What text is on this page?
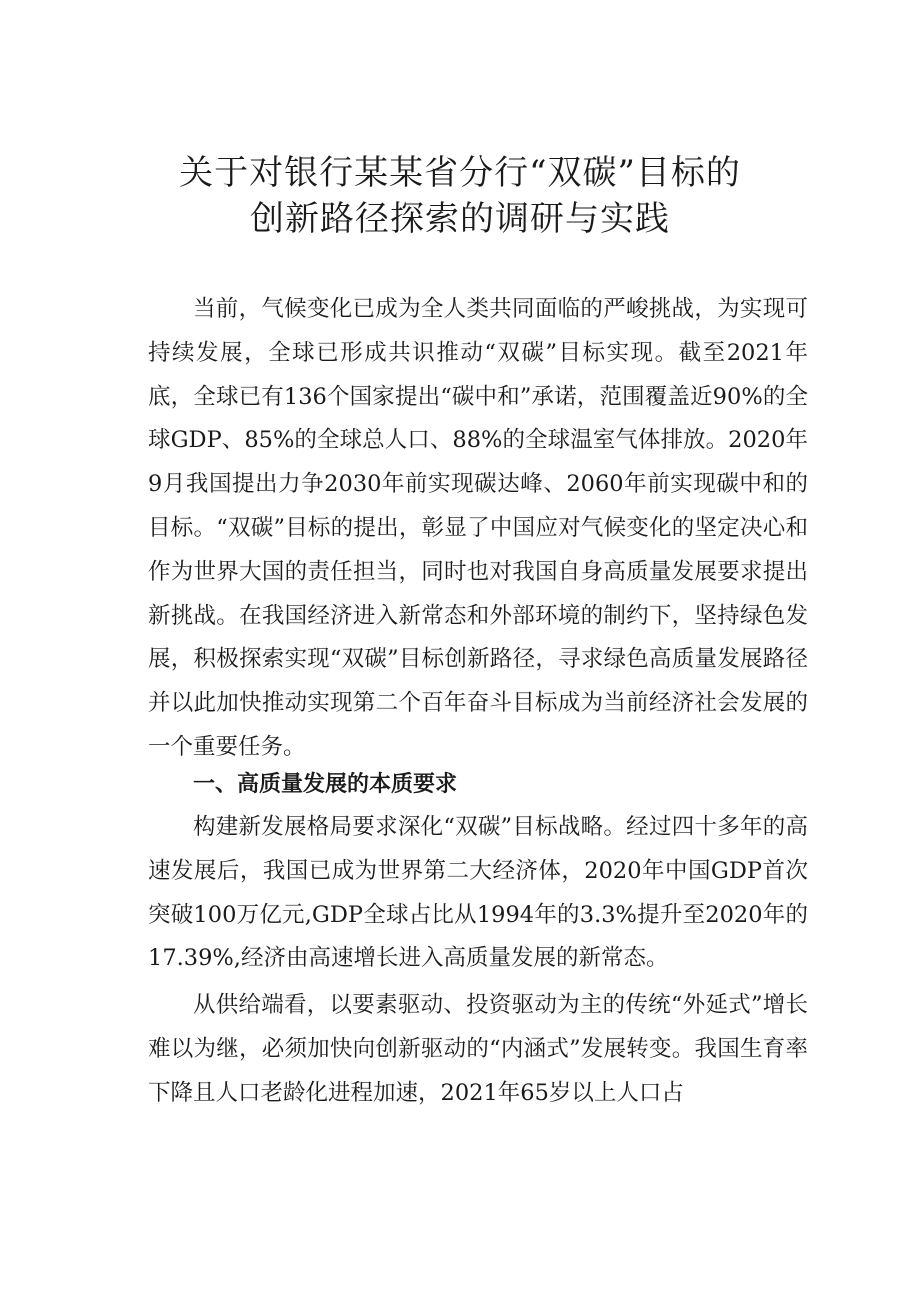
关于对银行某某省分行“双碳”目标的
创新路径探索的调研与实践

当前，气候变化已成为全人类共同面临的严峻挑战，为实现可持续发展，全球已形成共识推动“双碳”目标实现。截至2021年底，全球已有136个国家提出“碳中和”承诺，范围覆盖近90%的全球GDP、85%的全球总人口、88%的全球温室气体排放。2020年9月我国提出力争2030年前实现碳达峰、2060年前实现碳中和的目标。“双碳”目标的提出，彰显了中国应对气候变化的坚定决心和作为世界大国的责任担当，同时也对我国自身高质量发展要求提出新挑战。在我国经济进入新常态和外部环境的制约下，坚持绿色发展，积极探索实现“双碳”目标创新路径，寻求绿色高质量发展路径并以此加快推动实现第二个百年奋斗目标成为当前经济社会发展的一个重要任务。

一、高质量发展的本质要求

构建新发展格局要求深化“双碳”目标战略。经过四十多年的高速发展后，我国已成为世界第二大经济体，2020年中国GDP首次突破100万亿元,GDP全球占比从1994年的3.3%提升至2020年的17.39%,经济由高速增长进入高质量发展的新常态。

从供给端看，以要素驱动、投资驱动为主的传统“外延式”增长难以为继，必须加快向创新驱动的“内涵式”发展转变。我国生育率下降且人口老龄化进程加速，2021年65岁以上人口占
